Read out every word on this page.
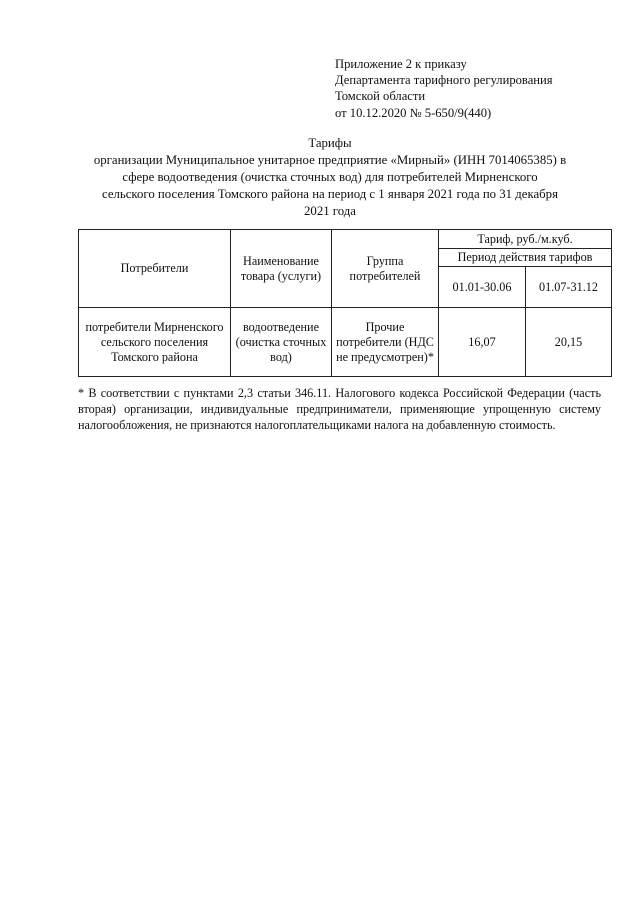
Приложение 2 к приказу
Департамента тарифного регулирования
Томской области
от 10.12.2020 № 5-650/9(440)
Тарифы
организации Муниципальное унитарное предприятие «Мирный» (ИНН 7014065385) в
сфере водоотведения (очистка сточных вод) для потребителей Мирненского
сельского поселения Томского района на период с 1 января 2021 года по 31 декабря
2021 года
Потребители	Наименование товара (услуги)	Группа потребителей	Тариф, руб./м.куб.	
			Период действия тарифов	
			01.01-30.06	01.07-31.12
потребители Мирненского сельского поселения Томского района	водоотведение (очистка сточных вод)	Прочие потребители (НДС не предусмотрен)*	16,07	20,15
* В соответствии с пунктами 2,3 статьи 346.11. Налогового кодекса Российской Федерации (часть вторая) организации, индивидуальные предприниматели, применяющие упрощенную систему налогообложения, не признаются налогоплательщиками налога на добавленную стоимость.
